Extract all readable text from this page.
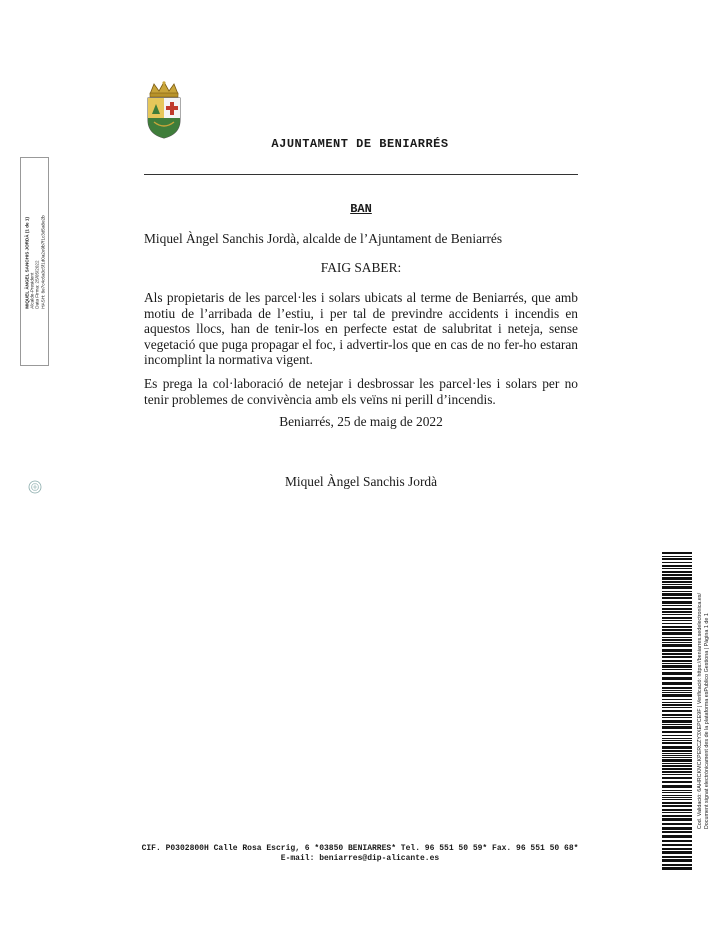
AJUNTAMENT DE BENIARRÉS
BAN
Miquel Àngel Sanchis Jordà, alcalde de l’Ajuntament de Beniarrés
FAIG SABER:
Als propietaris de les parcel·les i solars ubicats al terme de Beniarrés, que amb motiu de l’arribada de l’estiu, i per tal de previndre accidents i incendis en aquestos llocs, han de tenir-los en perfecte estat de salubritat i neteja, sense vegetació que puga propagar el foc, i advertir-los que en cas de no fer-ho estaran incomplint la normativa vigent.
Es prega la col·laboració de netejar i desbrossar les parcel·les i solars per no tenir problemes de convivència amb els veïns ni perill d’incendis.
Beniarrés, 25 de maig de 2022
Miquel Àngel Sanchis Jordà
CIF. P0302800H Calle Rosa Escrig, 6 *03850 BENIARRES* Tel. 96 551 50 59* Fax. 96 551 50 68*
E-mail: beniarres@dip-alicante.es
MIQUEL ÀNGEL SANCHIS JORDÀ (1 de 1) Alcalde-President Data Firma: 25/05/2022 HASH: 8e7c4c6a3c5f1d0a2e9b7f1c3d5a8e2b
Cod. Validació: 6AHRCKMCKPERCZY3XEPCE9F | Verificació: https://beniarres.sedelectronica.es/ Document signat electrònicament des de la plataforma esPublico Gestiona | Pàgina 1 de 1
